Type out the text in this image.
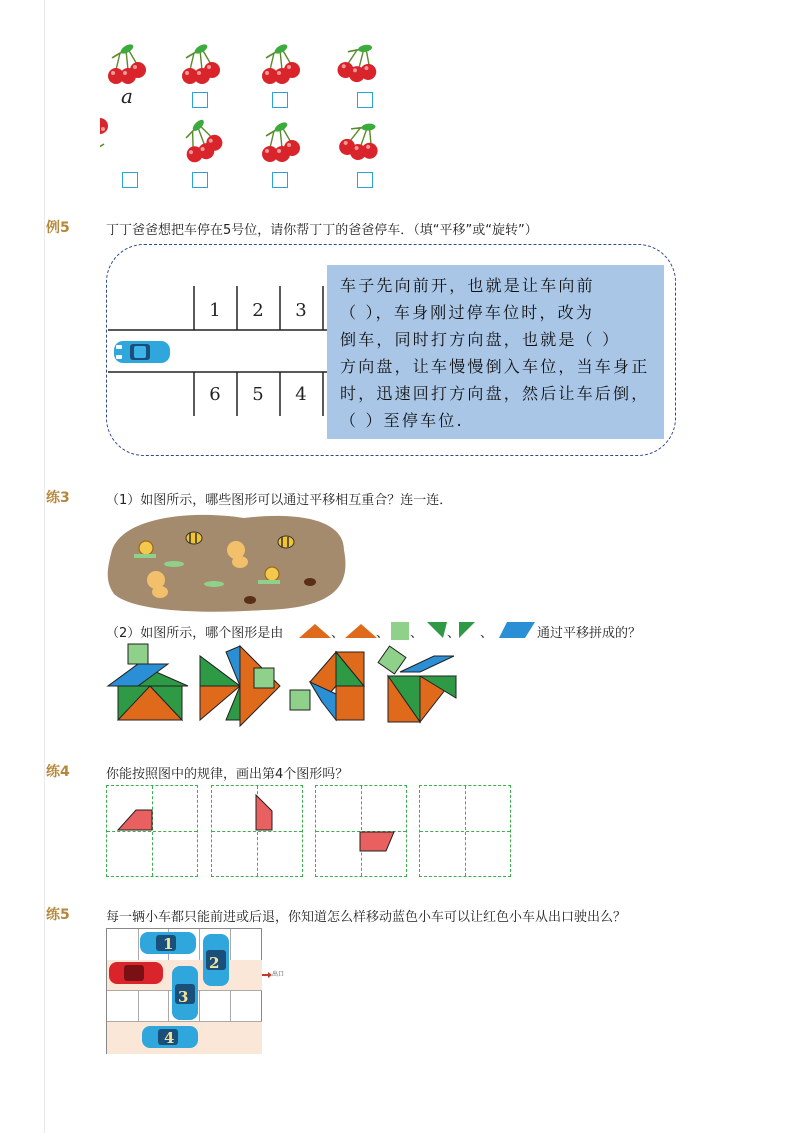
a
例5	丁丁爸爸想把车停在5号位，请你帮丁丁的爸爸停车．（填“平移”或“旋转”）
1	2	3
6	5	4
车子先向前开，也就是让车向前
（ ），车身刚过停车位时，改为
倒车，同时打方向盘，也就是（ ）
方向盘，让车慢慢倒入车位，当车身正
时，迅速回打方向盘，然后让车后倒，
（ ）至停车位.
练3	（1）如图所示，哪些图形可以通过平移相互重合？连一连．
（2）如图所示，哪个图形是由	、 、 、 、 、	通过平移拼成的？
练4	你能按照图中的规律，画出第4个图形吗？
练5	每一辆小车都只能前进或后退，你知道怎么样移动蓝色小车可以让红色小车从出口驶出么？
1
2
3
4
出口
